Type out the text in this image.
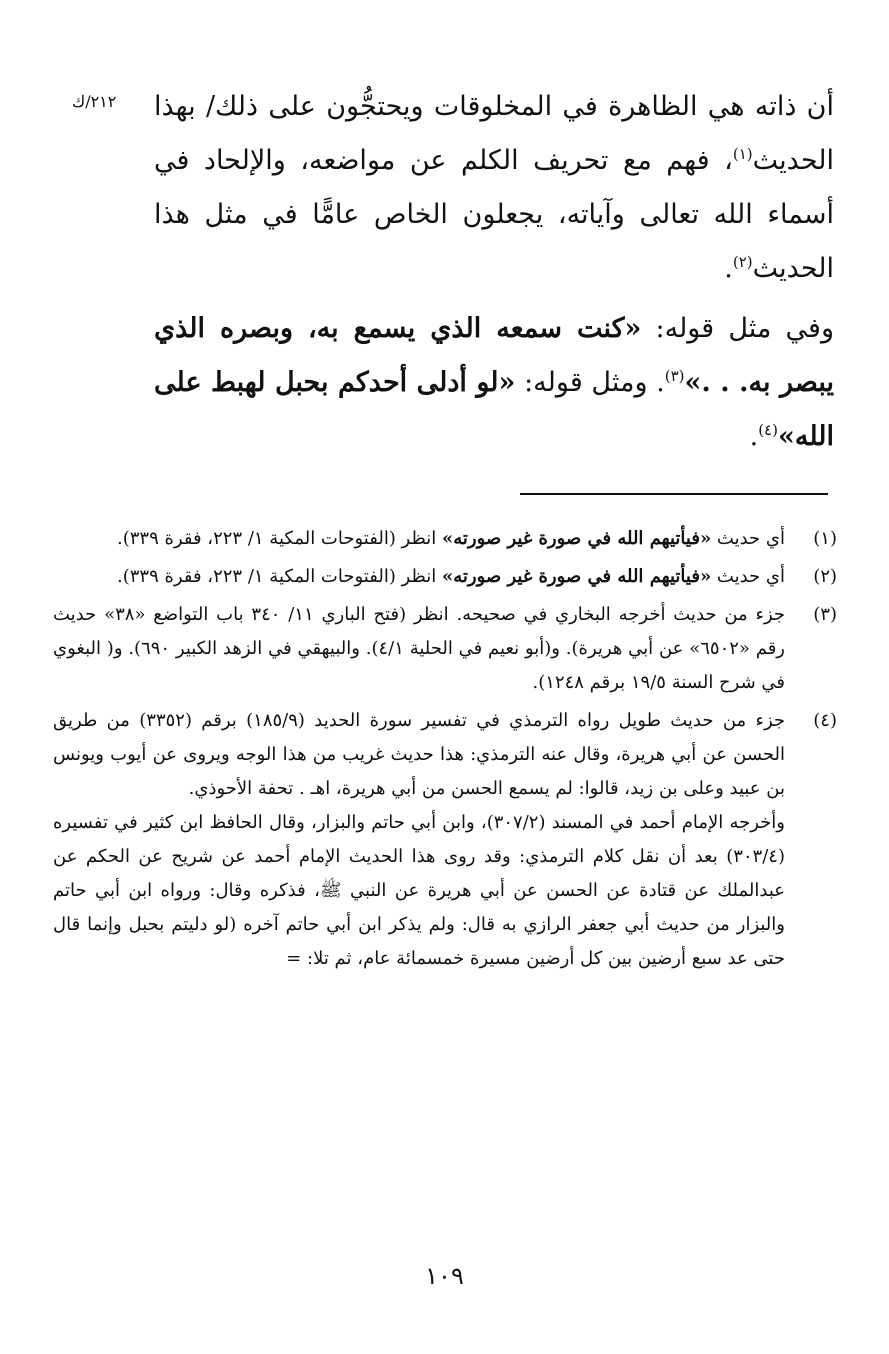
٢١٢/ك أن ذاته هي الظاهرة في المخلوقات ويحتجُّون على ذلك/ بهذا الحديث$^{(١)}$، فهم مع تحريف الكلم عن مواضعه، والإلحاد في أسماء الله تعالى وآياته، يجعلون الخاص عامًّا في مثل هذا الحديث$^{(٢)}$.

وفي مثل قوله: «كنت سمعه الذي يسمع به، وبصره الذي يبصر به. . .»$^{(٣)}$. ومثل قوله: «لو أدلى أحدكم بحبل لهبط على الله»$^{(٤)}$.

(١)
أي حديث «فيأتيهم الله في صورة غير صورته» انظر (الفتوحات المكية ١/ ٢٢٣، فقرة ٣٣٩).
(٢)
أي حديث «فيأتيهم الله في صورة غير صورته» انظر (الفتوحات المكية ١/ ٢٢٣، فقرة ٣٣٩).
(٣)
جزء من حديث أخرجه البخاري في صحيحه. انظر (فتح الباري ١١/ ٣٤٠ باب التواضع «٣٨» حديث رقم «٦٥٠٢» عن أبي هريرة). و(أبو نعيم في الحلية ٤/١). والبيهقي في الزهد الكبير ٦٩٠). و( البغوي في شرح السنة ١٩/٥ برقم ١٢٤٨).
(٤)

جزء من حديث طويل رواه الترمذي في تفسير سورة الحديد (١٨٥/٩) برقم (٣٣٥٢) من طريق الحسن عن أبي هريرة، وقال عنه الترمذي: هذا حديث غريب من هذا الوجه ويروى عن أيوب ويونس بن عبيد وعلى بن زيد، قالوا: لم يسمع الحسن من أبي هريرة، اهـ . تحفة الأحوذي.

وأخرجه الإمام أحمد في المسند (٣٠٧/٢)، وابن أبي حاتم والبزار، وقال الحافظ ابن كثير في تفسيره (٣٠٣/٤) بعد أن نقل كلام الترمذي: وقد روى هذا الحديث الإمام أحمد عن شريح عن الحكم عن عبدالملك عن قتادة عن الحسن عن أبي هريرة عن النبي ﷺ، فذكره وقال: ورواه ابن أبي حاتم والبزار من حديث أبي جعفر الرازي به قال: ولم يذكر ابن أبي حاتم آخره (لو دليتم بحبل وإنما قال حتى عد سبع أرضين بين كل أرضين مسيرة خمسمائة عام، ثم تلا: =

١٠٩
